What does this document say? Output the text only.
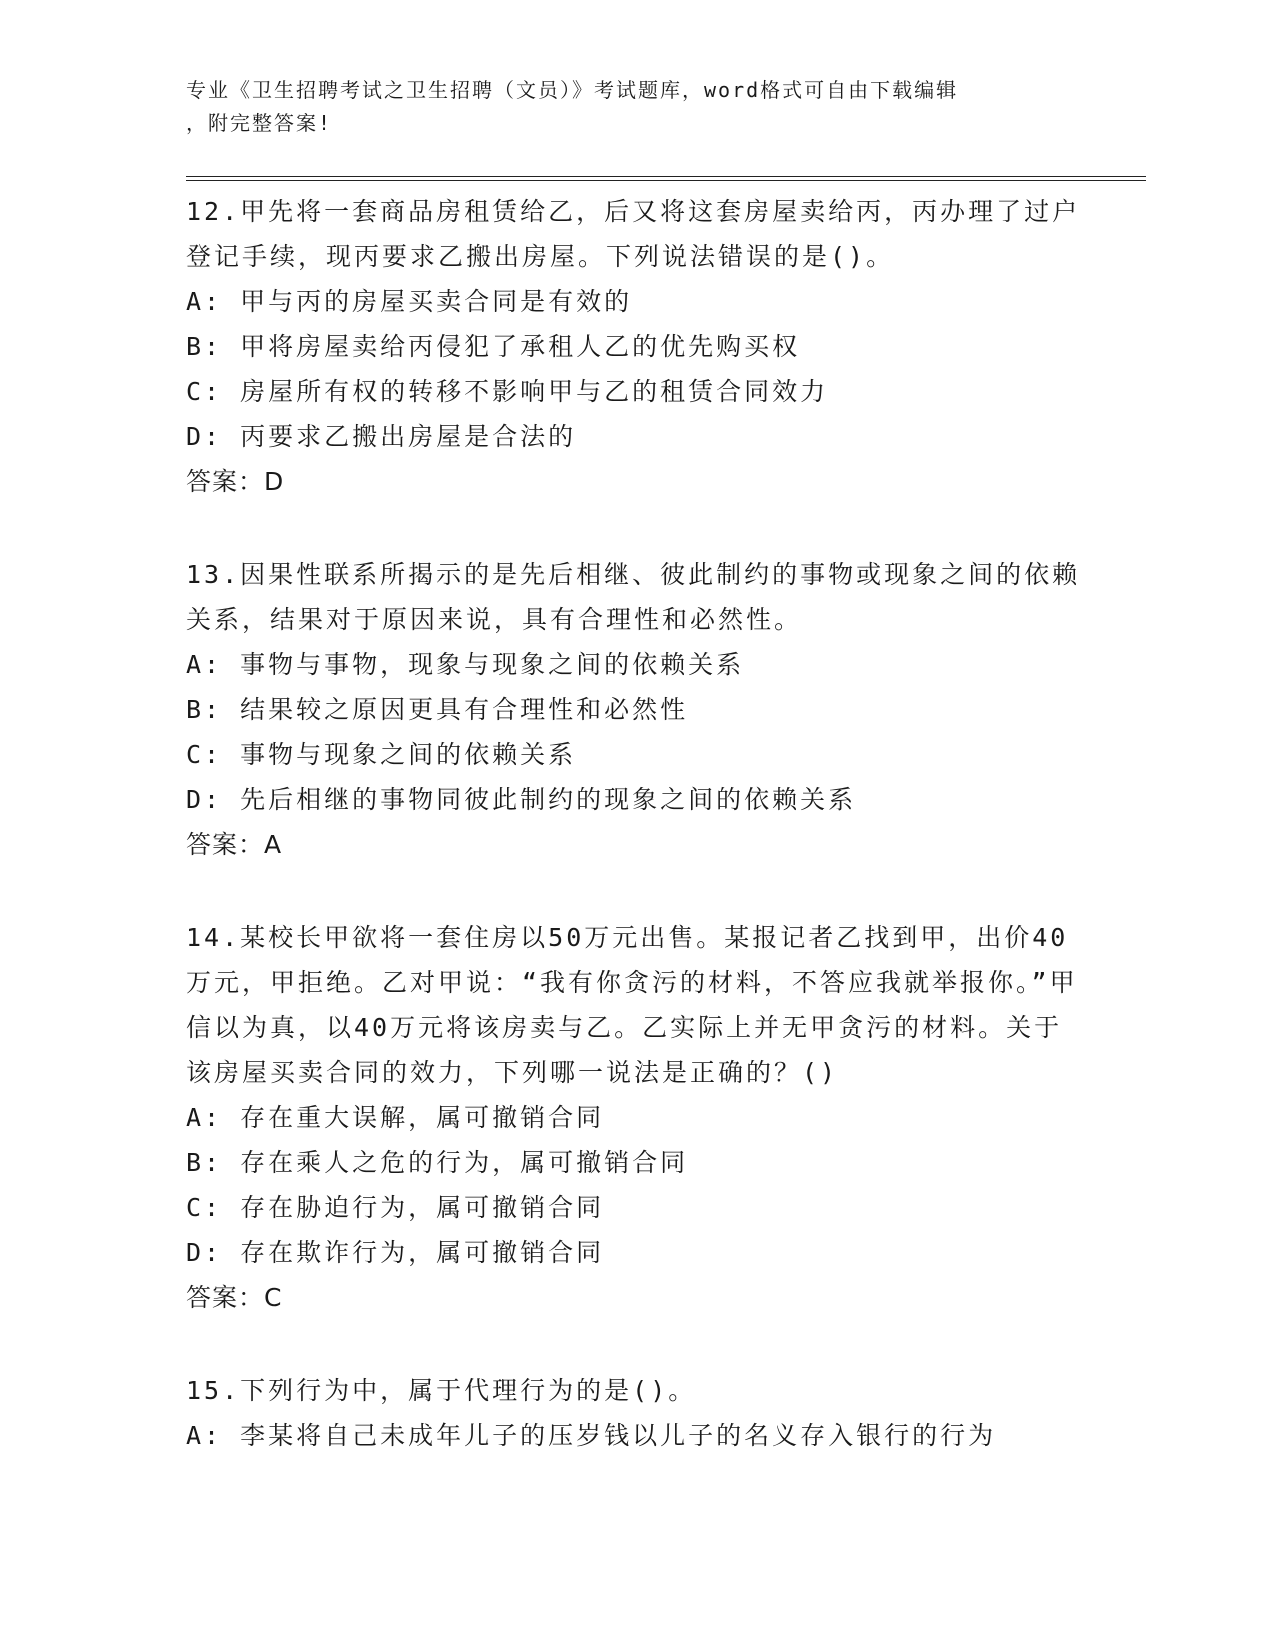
专业《卫生招聘考试之卫生招聘（文员）》考试题库，word格式可自由下载编辑
，附完整答案!

12.甲先将一套商品房租赁给乙，后又将这套房屋卖给丙，丙办理了过户登记手续，现丙要求乙搬出房屋。下列说法错误的是()。

A: 甲与丙的房屋买卖合同是有效的

B: 甲将房屋卖给丙侵犯了承租人乙的优先购买权

C: 房屋所有权的转移不影响甲与乙的租赁合同效力

D: 丙要求乙搬出房屋是合法的

答案：D

13.因果性联系所揭示的是先后相继、彼此制约的事物或现象之间的依赖关系，结果对于原因来说，具有合理性和必然性。

A: 事物与事物，现象与现象之间的依赖关系

B: 结果较之原因更具有合理性和必然性

C: 事物与现象之间的依赖关系

D: 先后相继的事物同彼此制约的现象之间的依赖关系

答案：A

14.某校长甲欲将一套住房以50万元出售。某报记者乙找到甲，出价40万元，甲拒绝。乙对甲说：“我有你贪污的材料，不答应我就举报你。”甲信以为真，以40万元将该房卖与乙。乙实际上并无甲贪污的材料。关于该房屋买卖合同的效力，下列哪一说法是正确的？()

A: 存在重大误解，属可撤销合同

B: 存在乘人之危的行为，属可撤销合同

C: 存在胁迫行为，属可撤销合同

D: 存在欺诈行为，属可撤销合同

答案：C

15.下列行为中，属于代理行为的是()。

A: 李某将自己未成年儿子的压岁钱以儿子的名义存入银行的行为
